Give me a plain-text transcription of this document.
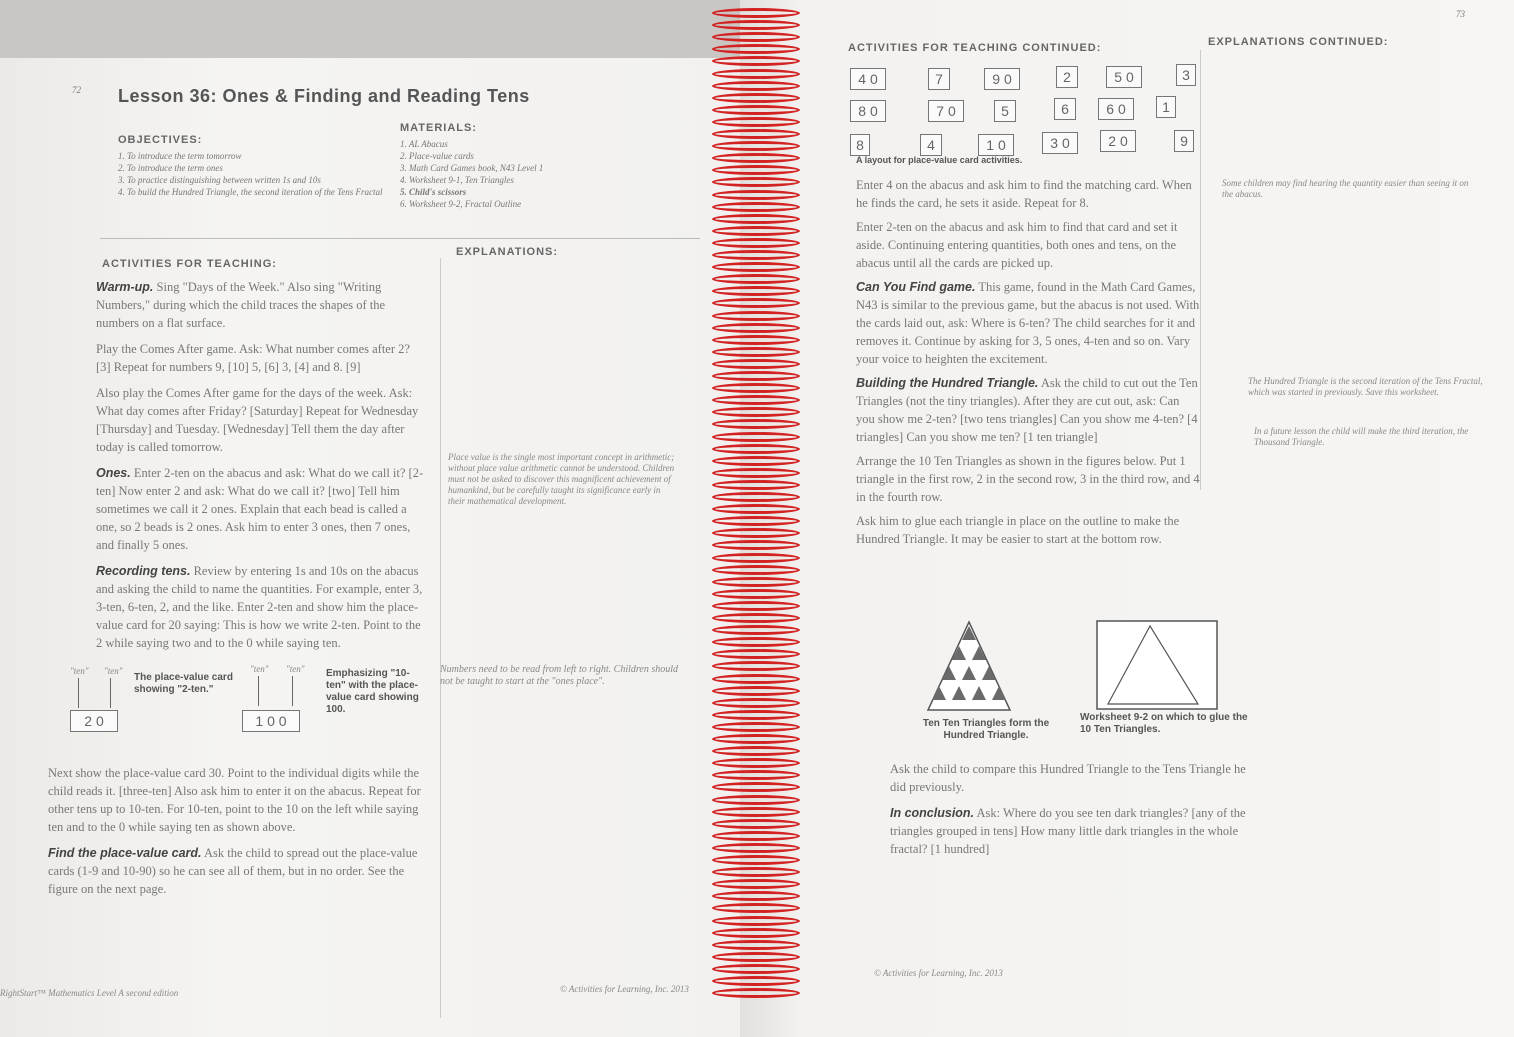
72 Lesson 36: Ones & Finding and Reading Tens
OBJECTIVES:
1. To introduce the term tomorrow
2. To introduce the term ones
3. To practice distinguishing between written 1s and 10s
4. To build the Hundred Triangle, the second iteration of the Tens Fractal
MATERIALS:
1. AL Abacus
2. Place-value cards
3. Math Card Games book, N43 Level 1
4. Worksheet 9-1, Ten Triangles
5. Child's scissors
6. Worksheet 9-2, Fractal Outline
ACTIVITIES FOR TEACHING:
EXPLANATIONS:

Warm-up. Sing "Days of the Week." Also sing "Writing Numbers," during which the child traces the shapes of the numbers on a flat surface.

Play the Comes After game. Ask: What number comes after 2? [3] Repeat for numbers 9, [10] 5, [6] 3, [4] and 8. [9]

Also play the Comes After game for the days of the week. Ask: What day comes after Friday? [Saturday] Repeat for Wednesday [Thursday] and Tuesday. [Wednesday] Tell them the day after today is called tomorrow.

Ones. Enter 2-ten on the abacus and ask: What do we call it? [2-ten] Now enter 2 and ask: What do we call it? [two] Tell him sometimes we call it 2 ones. Explain that each bead is called a one, so 2 beads is 2 ones. Ask him to enter 3 ones, then 7 ones, and finally 5 ones.

Recording tens. Review by entering 1s and 10s on the abacus and asking the child to name the quantities. For example, enter 3, 3-ten, 6-ten, 2, and the like. Enter 2-ten and show him the place-value card for 20 saying: This is how we write 2-ten. Point to the 2 while saying two and to the 0 while saying ten.

Place value is the single most important concept in arithmetic; without place value arithmetic cannot be understood. Children must not be asked to discover this magnificent achievement of humankind, but be carefully taught its significance early in their mathematical development.
"ten" "ten"
2 0
The place-value card showing "2-ten."
"ten" "ten"
1 0 0
Emphasizing "10-ten" with the place-value card showing 100.
Numbers need to be read from left to right. Children should not be taught to start at the "ones place".

Next show the place-value card 30. Point to the individual digits while the child reads it. [three-ten] Also ask him to enter it on the abacus. Repeat for other tens up to 10-ten. For 10-ten, point to the 10 on the left while saying ten and to the 0 while saying ten as shown above.

Find the place-value card. Ask the child to spread out the place-value cards (1-9 and 10-90) so he can see all of them, but in no order. See the figure on the next page.

RightStart™ Mathematics Level A second edition	© Activities for Learning, Inc. 2013
73
ACTIVITIES FOR TEACHING CONTINUED:	EXPLANATIONS CONTINUED:
4 0	7	9 0	2	5 0	3
8 0	7 0	5	6	6 0	1
8	4	1 0	3 0	2 0	9
A layout for place-value card activities.

Enter 4 on the abacus and ask him to find the matching card. When he finds the card, he sets it aside. Repeat for 8.

Enter 2-ten on the abacus and ask him to find that card and set it aside. Continuing entering quantities, both ones and tens, on the abacus until all the cards are picked up.

Can You Find game. This game, found in the Math Card Games, N43 is similar to the previous game, but the abacus is not used. With the cards laid out, ask: Where is 6-ten? The child searches for it and removes it. Continue by asking for 3, 5 ones, 4-ten and so on. Vary your voice to heighten the excitement.

Building the Hundred Triangle. Ask the child to cut out the Ten Triangles (not the tiny triangles). After they are cut out, ask: Can you show me 2-ten? [two tens triangles] Can you show me 4-ten? [4 triangles] Can you show me ten? [1 ten triangle]

Arrange the 10 Ten Triangles as shown in the figures below. Put 1 triangle in the first row, 2 in the second row, 3 in the third row, and 4 in the fourth row.

Ask him to glue each triangle in place on the outline to make the Hundred Triangle. It may be easier to start at the bottom row.

Some children may find hearing the quantity easier than seeing it on the abacus.
The Hundred Triangle is the second iteration of the Tens Fractal, which was started in previously. Save this worksheet.
In a future lesson the child will make the third iteration, the Thousand Triangle.
Ten Ten Triangles form the Hundred Triangle.
Worksheet 9-2 on which to glue the 10 Ten Triangles.

Ask the child to compare this Hundred Triangle to the Tens Triangle he did previously.

In conclusion. Ask: Where do you see ten dark triangles? [any of the triangles grouped in tens] How many little dark triangles in the whole fractal? [1 hundred]

© Activities for Learning, Inc. 2013
